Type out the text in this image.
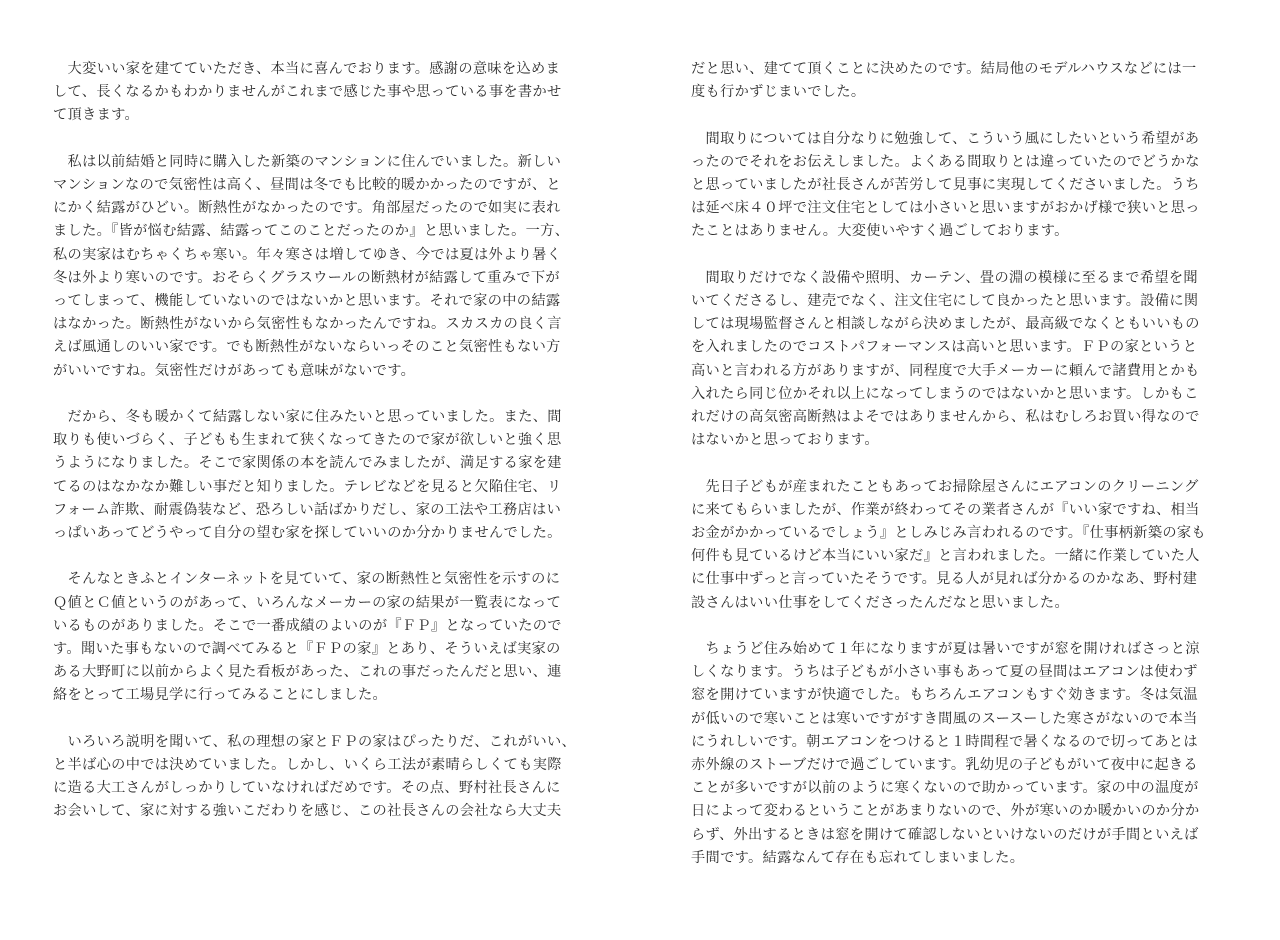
　大変いい家を建てていただき、本当に喜んでおります。感謝の意味を込めま
して、長くなるかもわかりませんがこれまで感じた事や思っている事を書かせ
て頂きます。

　私は以前結婚と同時に購入した新築のマンションに住んでいました。新しい
マンションなので気密性は高く、昼間は冬でも比較的暖かかったのですが、と
にかく結露がひどい。断熱性がなかったのです。角部屋だったので如実に表れ
ました。『皆が悩む結露、結露ってこのことだったのか』と思いました。一方、
私の実家はむちゃくちゃ寒い。年々寒さは増してゆき、今では夏は外より暑く
冬は外より寒いのです。おそらくグラスウールの断熱材が結露して重みで下が
ってしまって、機能していないのではないかと思います。それで家の中の結露
はなかった。断熱性がないから気密性もなかったんですね。スカスカの良く言
えば風通しのいい家です。でも断熱性がないならいっそのこと気密性もない方
がいいですね。気密性だけがあっても意味がないです。

　だから、冬も暖かくて結露しない家に住みたいと思っていました。また、間
取りも使いづらく、子どもも生まれて狭くなってきたので家が欲しいと強く思
うようになりました。そこで家関係の本を読んでみましたが、満足する家を建
てるのはなかなか難しい事だと知りました。テレビなどを見ると欠陥住宅、リ
フォーム詐欺、耐震偽装など、恐ろしい話ばかりだし、家の工法や工務店はい
っぱいあってどうやって自分の望む家を探していいのか分かりませんでした。

　そんなときふとインターネットを見ていて、家の断熱性と気密性を示すのに
Ｑ値とＣ値というのがあって、いろんなメーカーの家の結果が一覧表になって
いるものがありました。そこで一番成績のよいのが『ＦＰ』となっていたので
す。聞いた事もないので調べてみると『ＦＰの家』とあり、そういえば実家の
ある大野町に以前からよく見た看板があった、これの事だったんだと思い、連
絡をとって工場見学に行ってみることにしました。

　いろいろ説明を聞いて、私の理想の家とＦＰの家はぴったりだ、これがいい、
と半ば心の中では決めていました。しかし、いくら工法が素晴らしくても実際
に造る大工さんがしっかりしていなければだめです。その点、野村社長さんに
お会いして、家に対する強いこだわりを感じ、この社長さんの会社なら大丈夫

だと思い、建てて頂くことに決めたのです。結局他のモデルハウスなどには一
度も行かずじまいでした。

　間取りについては自分なりに勉強して、こういう風にしたいという希望があ
ったのでそれをお伝えしました。よくある間取りとは違っていたのでどうかな
と思っていましたが社長さんが苦労して見事に実現してくださいました。うち
は延べ床４０坪で注文住宅としては小さいと思いますがおかげ様で狭いと思っ
たことはありません。大変使いやすく過ごしております。

　間取りだけでなく設備や照明、カーテン、畳の淵の模様に至るまで希望を聞
いてくださるし、建売でなく、注文住宅にして良かったと思います。設備に関
しては現場監督さんと相談しながら決めましたが、最高級でなくともいいもの
を入れましたのでコストパフォーマンスは高いと思います。ＦＰの家というと
高いと言われる方がありますが、同程度で大手メーカーに頼んで諸費用とかも
入れたら同じ位かそれ以上になってしまうのではないかと思います。しかもこ
れだけの高気密高断熱はよそではありませんから、私はむしろお買い得なので
はないかと思っております。

　先日子どもが産まれたこともあってお掃除屋さんにエアコンのクリーニング
に来てもらいましたが、作業が終わってその業者さんが『いい家ですね、相当
お金がかかっているでしょう』としみじみ言われるのです。『仕事柄新築の家も
何件も見ているけど本当にいい家だ』と言われました。一緒に作業していた人
に仕事中ずっと言っていたそうです。見る人が見れば分かるのかなあ、野村建
設さんはいい仕事をしてくださったんだなと思いました。

　ちょうど住み始めて１年になりますが夏は暑いですが窓を開ければさっと涼
しくなります。うちは子どもが小さい事もあって夏の昼間はエアコンは使わず
窓を開けていますが快適でした。もちろんエアコンもすぐ効きます。冬は気温
が低いので寒いことは寒いですがすき間風のスースーした寒さがないので本当
にうれしいです。朝エアコンをつけると１時間程で暑くなるので切ってあとは
赤外線のストーブだけで過ごしています。乳幼児の子どもがいて夜中に起きる
ことが多いですが以前のように寒くないので助かっています。家の中の温度が
日によって変わるということがあまりないので、外が寒いのか暖かいのか分か
らず、外出するときは窓を開けて確認しないといけないのだけが手間といえば
手間です。結露なんて存在も忘れてしまいました。
